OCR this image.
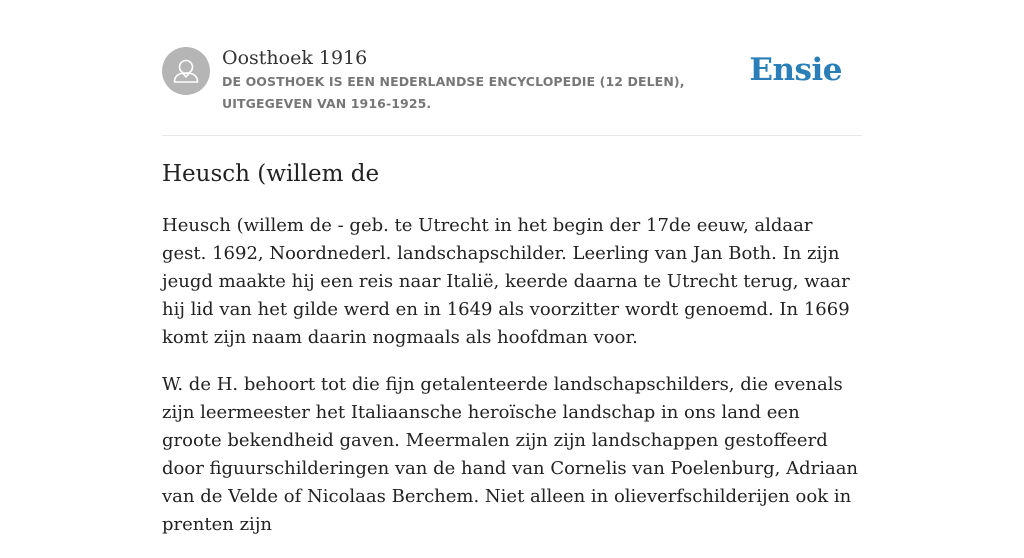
Oosthoek 1916

DE OOSTHOEK IS EEN NEDERLANDSE ENCYCLOPEDIE (12 DELEN), UITGEGEVEN VAN 1916-1925.

Ensie
Heusch (willem de

Heusch (willem de - geb. te Utrecht in het begin der 17de eeuw, aldaar gest. 1692, Noordnederl. landschapschilder. Leerling van Jan Both. In zijn jeugd maakte hij een reis naar Italië, keerde daarna te Utrecht terug, waar hij lid van het gilde werd en in 1649 als voorzitter wordt genoemd. In 1669 komt zijn naam daarin nogmaals als hoofdman voor.

W. de H. behoort tot die fijn getalenteerde landschapschilders, die evenals zijn leermeester het Italiaansche heroïsche landschap in ons land een groote bekendheid gaven. Meermalen zijn zijn landschappen gestoffeerd door figuurschilderingen van de hand van Cornelis van Poelenburg, Adriaan van de Velde of Nicolaas Berchem. Niet alleen in olieverfschilderijen ook in prenten zijn
